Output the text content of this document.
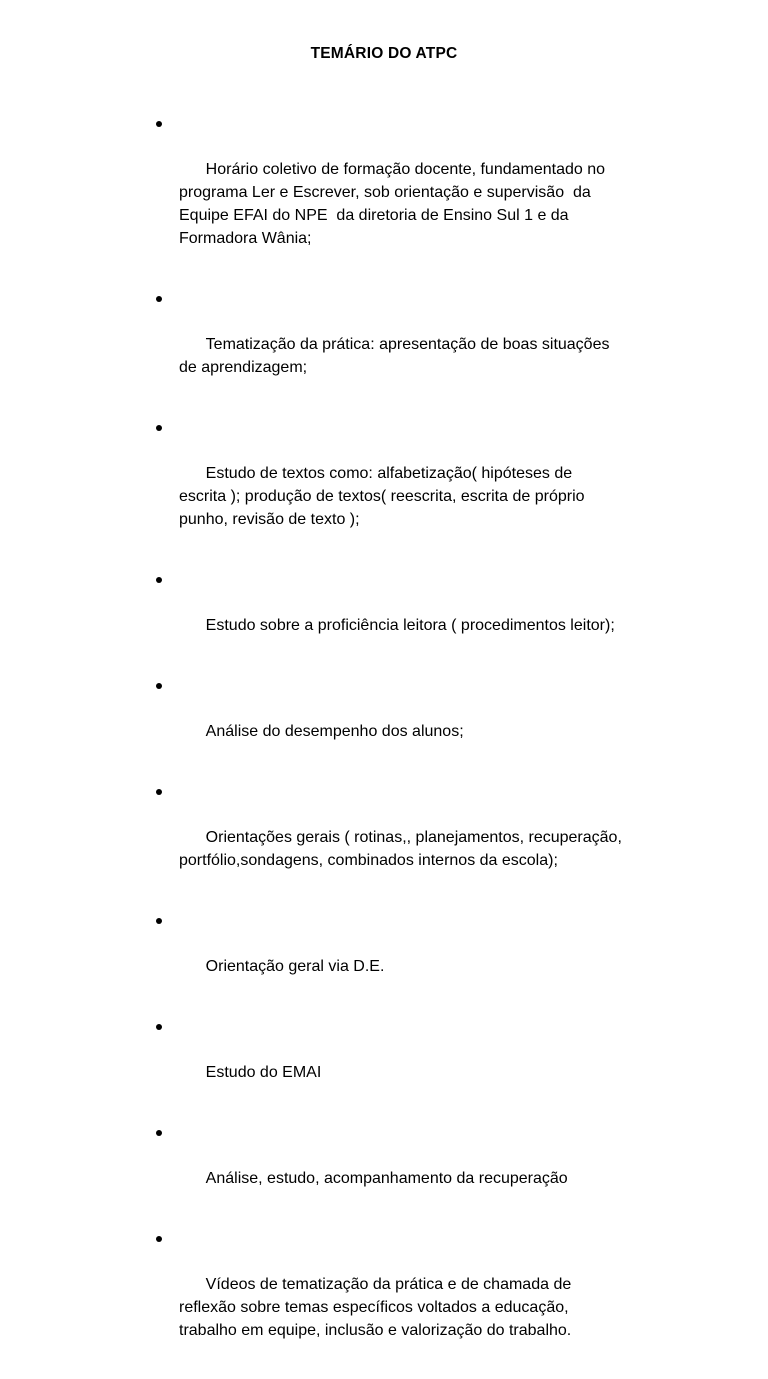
TEMÁRIO DO ATPC

Horário coletivo de formação docente, fundamentado no
programa Ler e Escrever, sob orientação e supervisão  da
Equipe EFAI do NPE  da diretoria de Ensino Sul 1 e da
Formadora Wânia;

Tematização da prática: apresentação de boas situações
de aprendizagem;

Estudo de textos como: alfabetização( hipóteses de
escrita ); produção de textos( reescrita, escrita de próprio
punho, revisão de texto );

Estudo sobre a proficiência leitora ( procedimentos leitor);

Análise do desempenho dos alunos;

Orientações gerais ( rotinas,, planejamentos, recuperação,
portfólio,sondagens, combinados internos da escola);

Orientação geral via D.E.

Estudo do EMAI

Análise, estudo, acompanhamento da recuperação

Vídeos de tematização da prática e de chamada de
reflexão sobre temas específicos voltados a educação,
trabalho em equipe, inclusão e valorização do trabalho.
